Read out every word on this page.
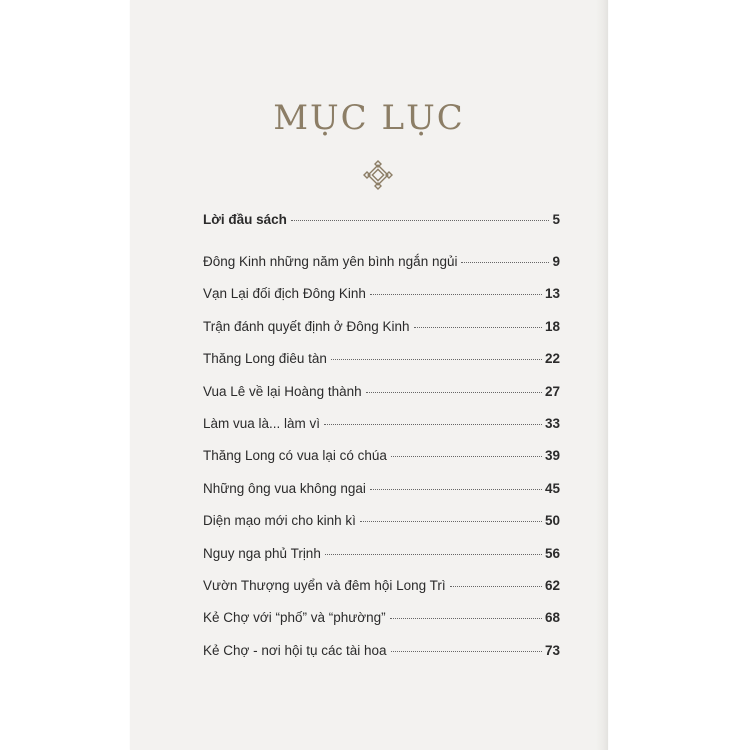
MỤC LỤC
Lời đầu sách	5
Đông Kinh những năm yên bình ngắn ngủi	9
Vạn Lại đối địch Đông Kinh	13
Trận đánh quyết định ở Đông Kinh	18
Thăng Long điêu tàn	22
Vua Lê về lại Hoàng thành	27
Làm vua là... làm vì	33
Thăng Long có vua lại có chúa	39
Những ông vua không ngai	45
Diện mạo mới cho kinh kì	50
Nguy nga phủ Trịnh	56
Vườn Thượng uyển và đêm hội Long Trì	62
Kẻ Chợ với “phố” và “phường”	68
Kẻ Chợ - nơi hội tụ các tài hoa	73
